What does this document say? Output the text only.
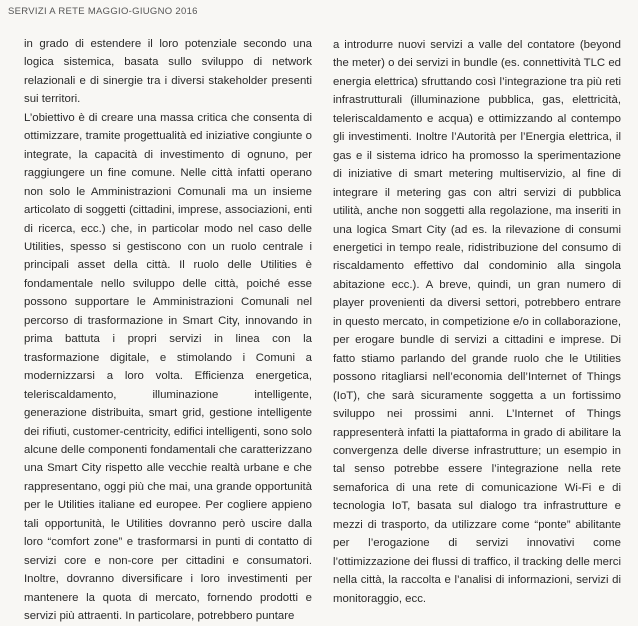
SERVIZI A RETE MAGGIO-GIUGNO 2016

in grado di estendere il loro potenziale secondo una logica sistemica, basata sullo sviluppo di network relazionali e di sinergie tra i diversi stakeholder presenti sui territori.

L’obiettivo è di creare una massa critica che consenta di ottimizzare, tramite progettualità ed iniziative congiunte o integrate, la capacità di investimento di ognuno, per raggiungere un fine comune. Nelle città infatti operano non solo le Amministrazioni Comunali ma un insieme articolato di soggetti (cittadini, imprese, associazioni, enti di ricerca, ecc.) che, in particolar modo nel caso delle Utilities, spesso si gestiscono con un ruolo centrale i principali asset della città. Il ruolo delle Utilities è fondamentale nello sviluppo delle città, poiché esse possono supportare le Amministrazioni Comunali nel percorso di trasformazione in Smart City, innovando in prima battuta i propri servizi in linea con la trasformazione digitale, e stimolando i Comuni a modernizzarsi a loro volta. Efficienza energetica, teleriscaldamento, illuminazione intelligente, generazione distribuita, smart grid, gestione intelligente dei rifiuti, customer-centricity, edifici intelligenti, sono solo alcune delle componenti fondamentali che caratterizzano una Smart City rispetto alle vecchie realtà urbane e che rappresentano, oggi più che mai, una grande opportunità per le Utilities italiane ed europee. Per cogliere appieno tali opportunità, le Utilities dovranno però uscire dalla loro “comfort zone” e trasformarsi in punti di contatto di servizi core e non-core per cittadini e consumatori. Inoltre, dovranno diversificare i loro investimenti per mantenere la quota di mercato, fornendo prodotti e servizi più attraenti. In particolare, potrebbero puntare

a introdurre nuovi servizi a valle del contatore (beyond the meter) o dei servizi in bundle (es. connettività TLC ed energia elettrica) sfruttando così l’integrazione tra più reti infrastrutturali (illuminazione pubblica, gas, elettricità, teleriscaldamento e acqua) e ottimizzando al contempo gli investimenti. Inoltre l’Autorità per l’Energia elettrica, il gas e il sistema idrico ha promosso la sperimentazione di iniziative di smart metering multiservizio, al fine di integrare il metering gas con altri servizi di pubblica utilità, anche non soggetti alla regolazione, ma inseriti in una logica Smart City (ad es. la rilevazione di consumi energetici in tempo reale, ridistribuzione del consumo di riscaldamento effettivo dal condominio alla singola abitazione ecc.). A breve, quindi, un gran numero di player provenienti da diversi settori, potrebbero entrare in questo mercato, in competizione e/o in collaborazione, per erogare bundle di servizi a cittadini e imprese. Di fatto stiamo parlando del grande ruolo che le Utilities possono ritagliarsi nell’economia dell’Internet of Things (IoT), che sarà sicuramente soggetta a un fortissimo sviluppo nei prossimi anni. L’Internet of Things rappresenterà infatti la piattaforma in grado di abilitare la convergenza delle diverse infrastrutture; un esempio in tal senso potrebbe essere l’integrazione nella rete semaforica di una rete di comunicazione Wi-Fi e di tecnologia IoT, basata sul dialogo tra infrastrutture e mezzi di trasporto, da utilizzare come “ponte” abilitante per l’erogazione di servizi innovativi come l’ottimizzazione dei flussi di traffico, il tracking delle merci nella città, la raccolta e l’analisi di informazioni, servizi di monitoraggio, ecc.
